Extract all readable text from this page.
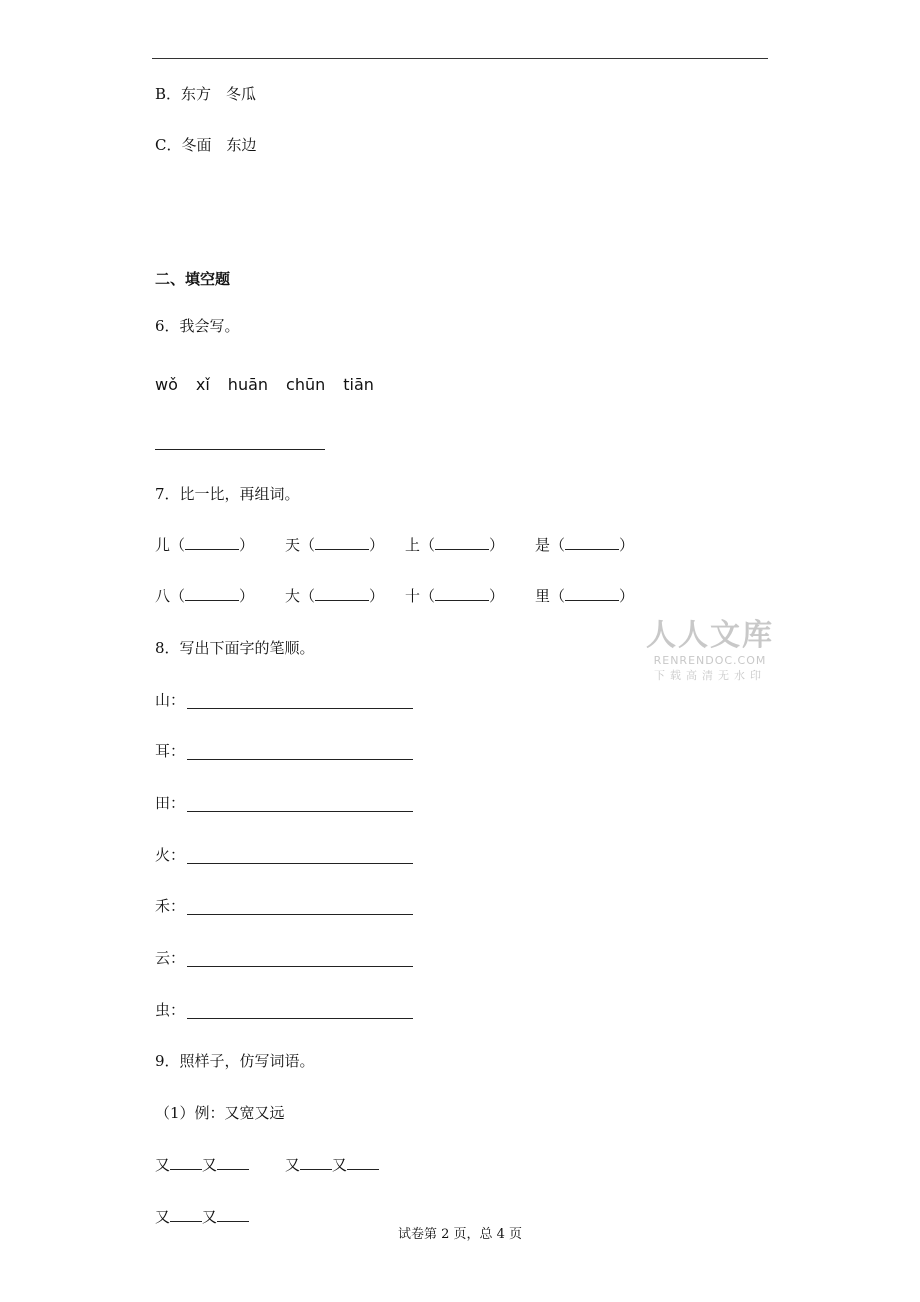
B．东方　冬瓜
C．冬面　东边
二、填空题
6．我会写。
wǒ xǐ huān chūn tiān
7．比一比，再组词。
儿（	） 天（	） 上（	） 是（	）
八（	） 大（	） 十（	） 里（	）
8．写出下面字的笔顺。
山：
耳：
田：
火：
禾：
云：
虫：
9．照样子，仿写词语。
（1）例：又宽又远
又 又	又 又
又 又
人人文库
RENRENDOC.COM
下载高清无水印
试卷第 2 页，总 4 页
